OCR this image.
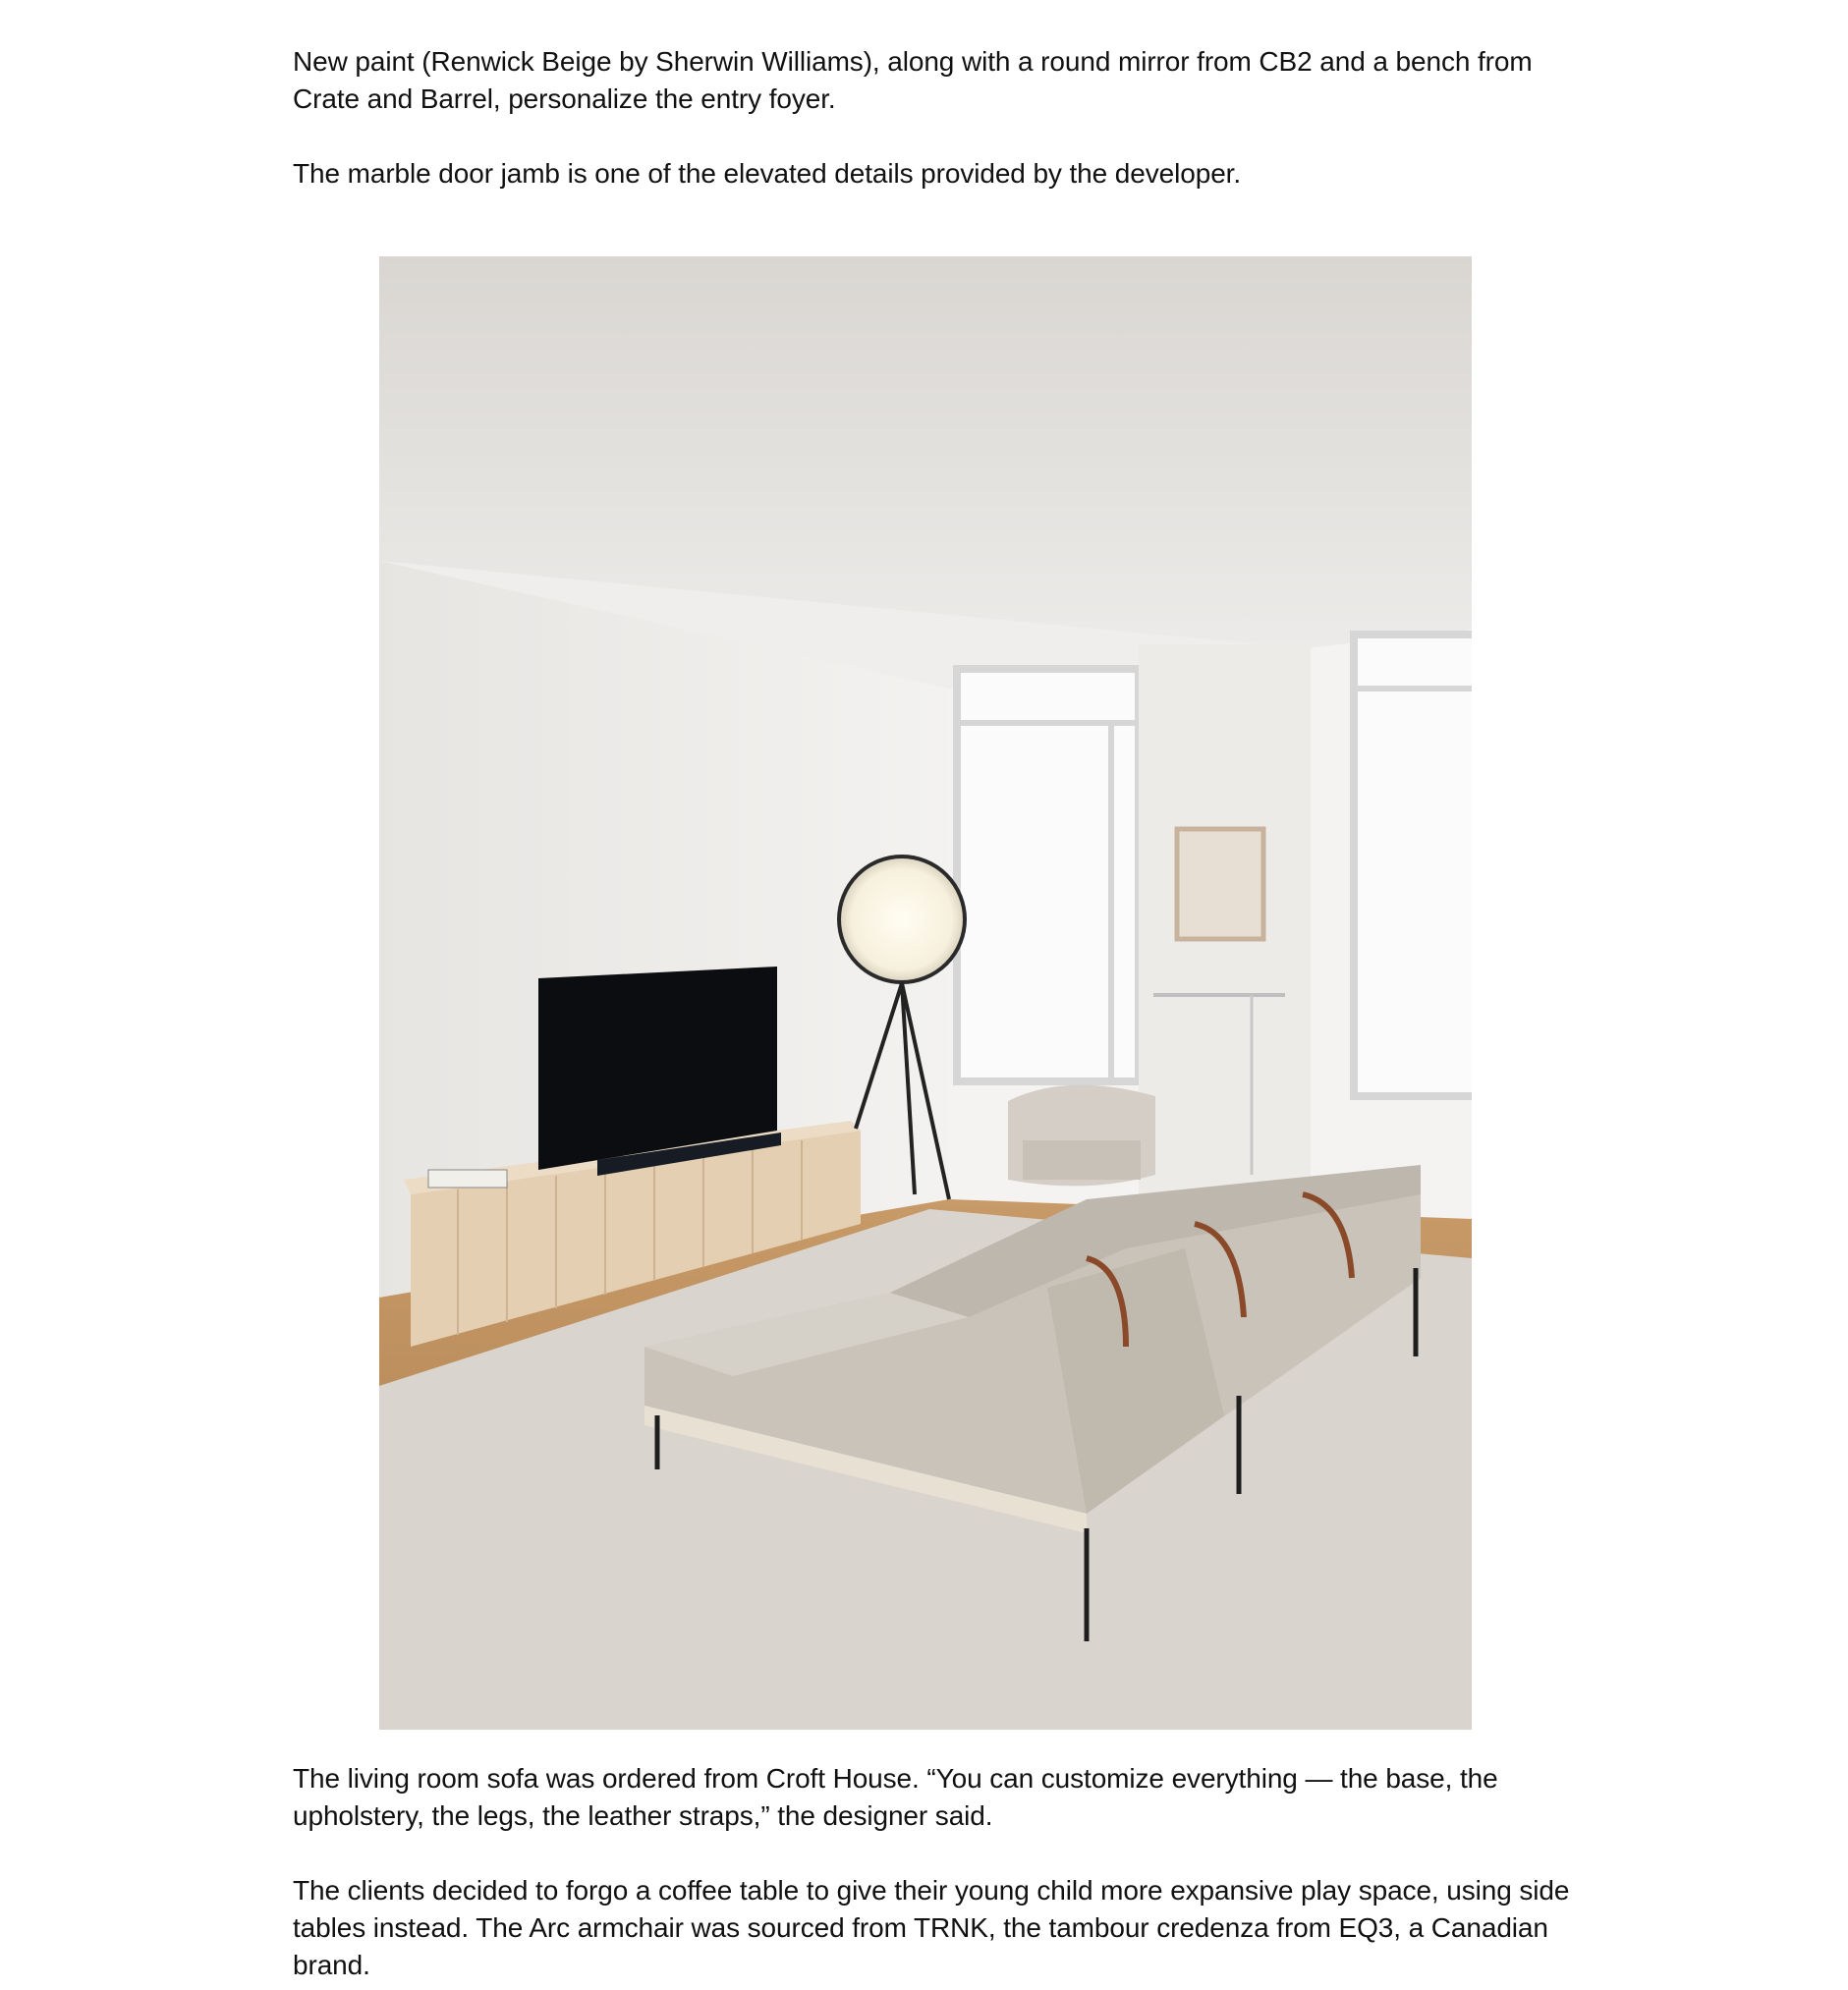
New paint (Renwick Beige by Sherwin Williams), along with a round mirror from CB2 and a bench from Crate and Barrel, personalize the entry foyer.

The marble door jamb is one of the elevated details provided by the developer.

The living room sofa was ordered from Croft House. “You can customize everything — the base, the upholstery, the legs, the leather straps,” the designer said.

The clients decided to forgo a coffee table to give their young child more expansive play space, using side tables instead. The Arc armchair was sourced from TRNK, the tambour credenza from EQ3, a Canadian brand.
